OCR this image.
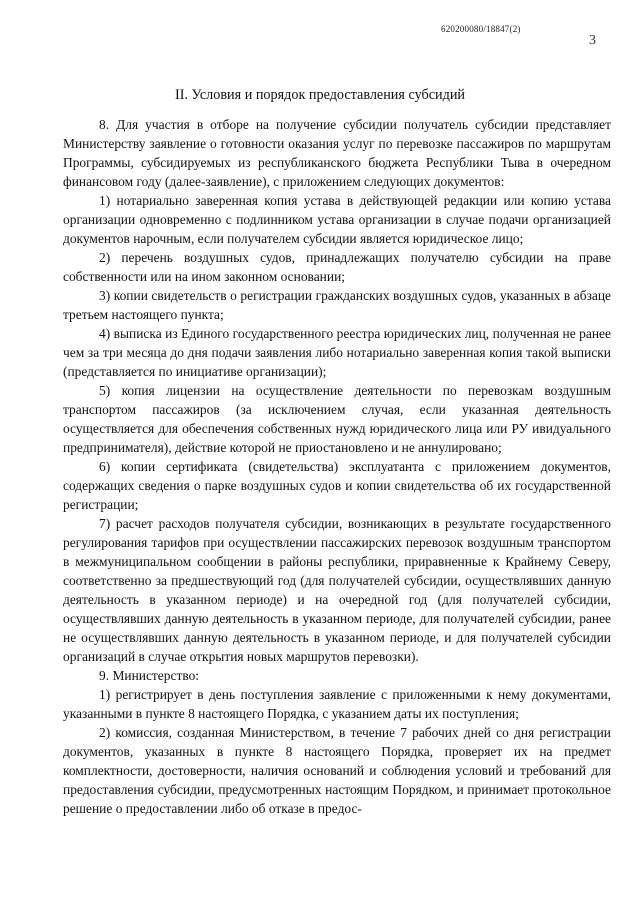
620200080/18847(2)
3
II. Условия и порядок предоставления субсидий

8. Для участия в отборе на получение субсидии получатель субсидии представляет Министерству заявление о готовности оказания услуг по перевозке пассажиров по маршрутам Программы, субсидируемых из республиканского бюджета Республики Тыва в очередном финансовом году (далее-заявление), с приложением следующих документов:

1) нотариально заверенная копия устава в действующей редакции или копию устава организации одновременно с подлинником устава организации в случае подачи организацией документов нарочным, если получателем субсидии является юридическое лицо;

2) перечень воздушных судов, принадлежащих получателю субсидии на праве собственности или на ином законном основании;

3) копии свидетельств о регистрации гражданских воздушных судов, указанных в абзаце третьем настоящего пункта;

4) выписка из Единого государственного реестра юридических лиц, полученная не ранее чем за три месяца до дня подачи заявления либо нотариально заверенная копия такой выписки (представляется по инициативе организации);

5) копия лицензии на осуществление деятельности по перевозкам воздушным транспортом пассажиров (за исключением случая, если указанная деятельность осуществляется для обеспечения собственных нужд юридического лица или РУ ивидуального предпринимателя), действие которой не приостановлено и не аннулировано;

6) копии сертификата (свидетельства) эксплуатанта с приложением документов, содержащих сведения о парке воздушных судов и копии свидетельства об их государственной регистрации;

7) расчет расходов получателя субсидии, возникающих в результате государственного регулирования тарифов при осуществлении пассажирских перевозок воздушным транспортом в межмуниципальном сообщении в районы республики, приравненные к Крайнему Северу, соответственно за предшествующий год (для получателей субсидии, осуществлявших данную деятельность в указанном периоде) и на очередной год (для получателей субсидии, осуществлявших данную деятельность в указанном периоде, для получателей субсидии, ранее не осуществлявших данную деятельность в указанном периоде, и для получателей субсидии организаций в случае открытия новых маршрутов перевозки).

9. Министерство:

1) регистрирует в день поступления заявление с приложенными к нему документами, указанными в пункте 8 настоящего Порядка, с указанием даты их поступления;

2) комиссия, созданная Министерством, в течение 7 рабочих дней со дня регистрации документов, указанных в пункте 8 настоящего Порядка, проверяет их на предмет комплектности, достоверности, наличия оснований и соблюдения условий и требований для предоставления субсидии, предусмотренных настоящим Порядком, и принимает протокольное решение о предоставлении либо об отказе в предос-
